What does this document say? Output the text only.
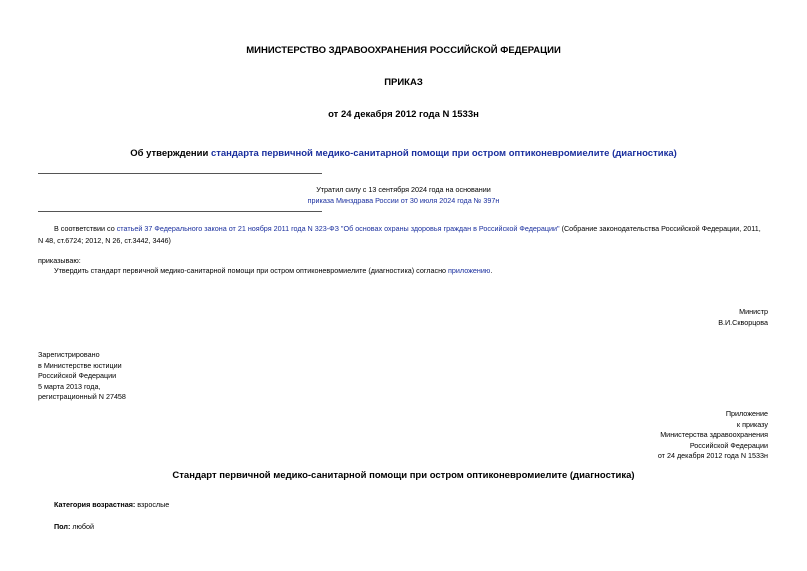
МИНИСТЕРСТВО ЗДРАВООХРАНЕНИЯ РОССИЙСКОЙ ФЕДЕРАЦИИ
ПРИКАЗ
от 24 декабря 2012 года N 1533н
Об утверждении стандарта первичной медико-санитарной помощи при остром оптиконевромиелите (диагностика)
Утратил силу с 13 сентября 2024 года на основании
приказа Минздрава России от 30 июля 2024 года № 397н
В соответствии со статьей 37 Федерального закона от 21 ноября 2011 года N 323-ФЗ "Об основах охраны здоровья граждан в Российской Федерации" (Собрание законодательства Российской Федерации, 2011,
N 48, ст.6724; 2012, N 26, ст.3442, 3446)
приказываю:
Утвердить стандарт первичной медико-санитарной помощи при остром оптиконевромиелите (диагностика) согласно приложению.
Министр
В.И.Скворцова
Зарегистрировано
в Министерстве юстиции
Российской Федерации
5 марта 2013 года,
регистрационный N 27458
Приложение
к приказу
Министерства здравоохранения
Российской Федерации
от 24 декабря 2012 года N 1533н
Стандарт первичной медико-санитарной помощи при остром оптиконевромиелите (диагностика)
Категория возрастная: взрослые
Пол: любой
